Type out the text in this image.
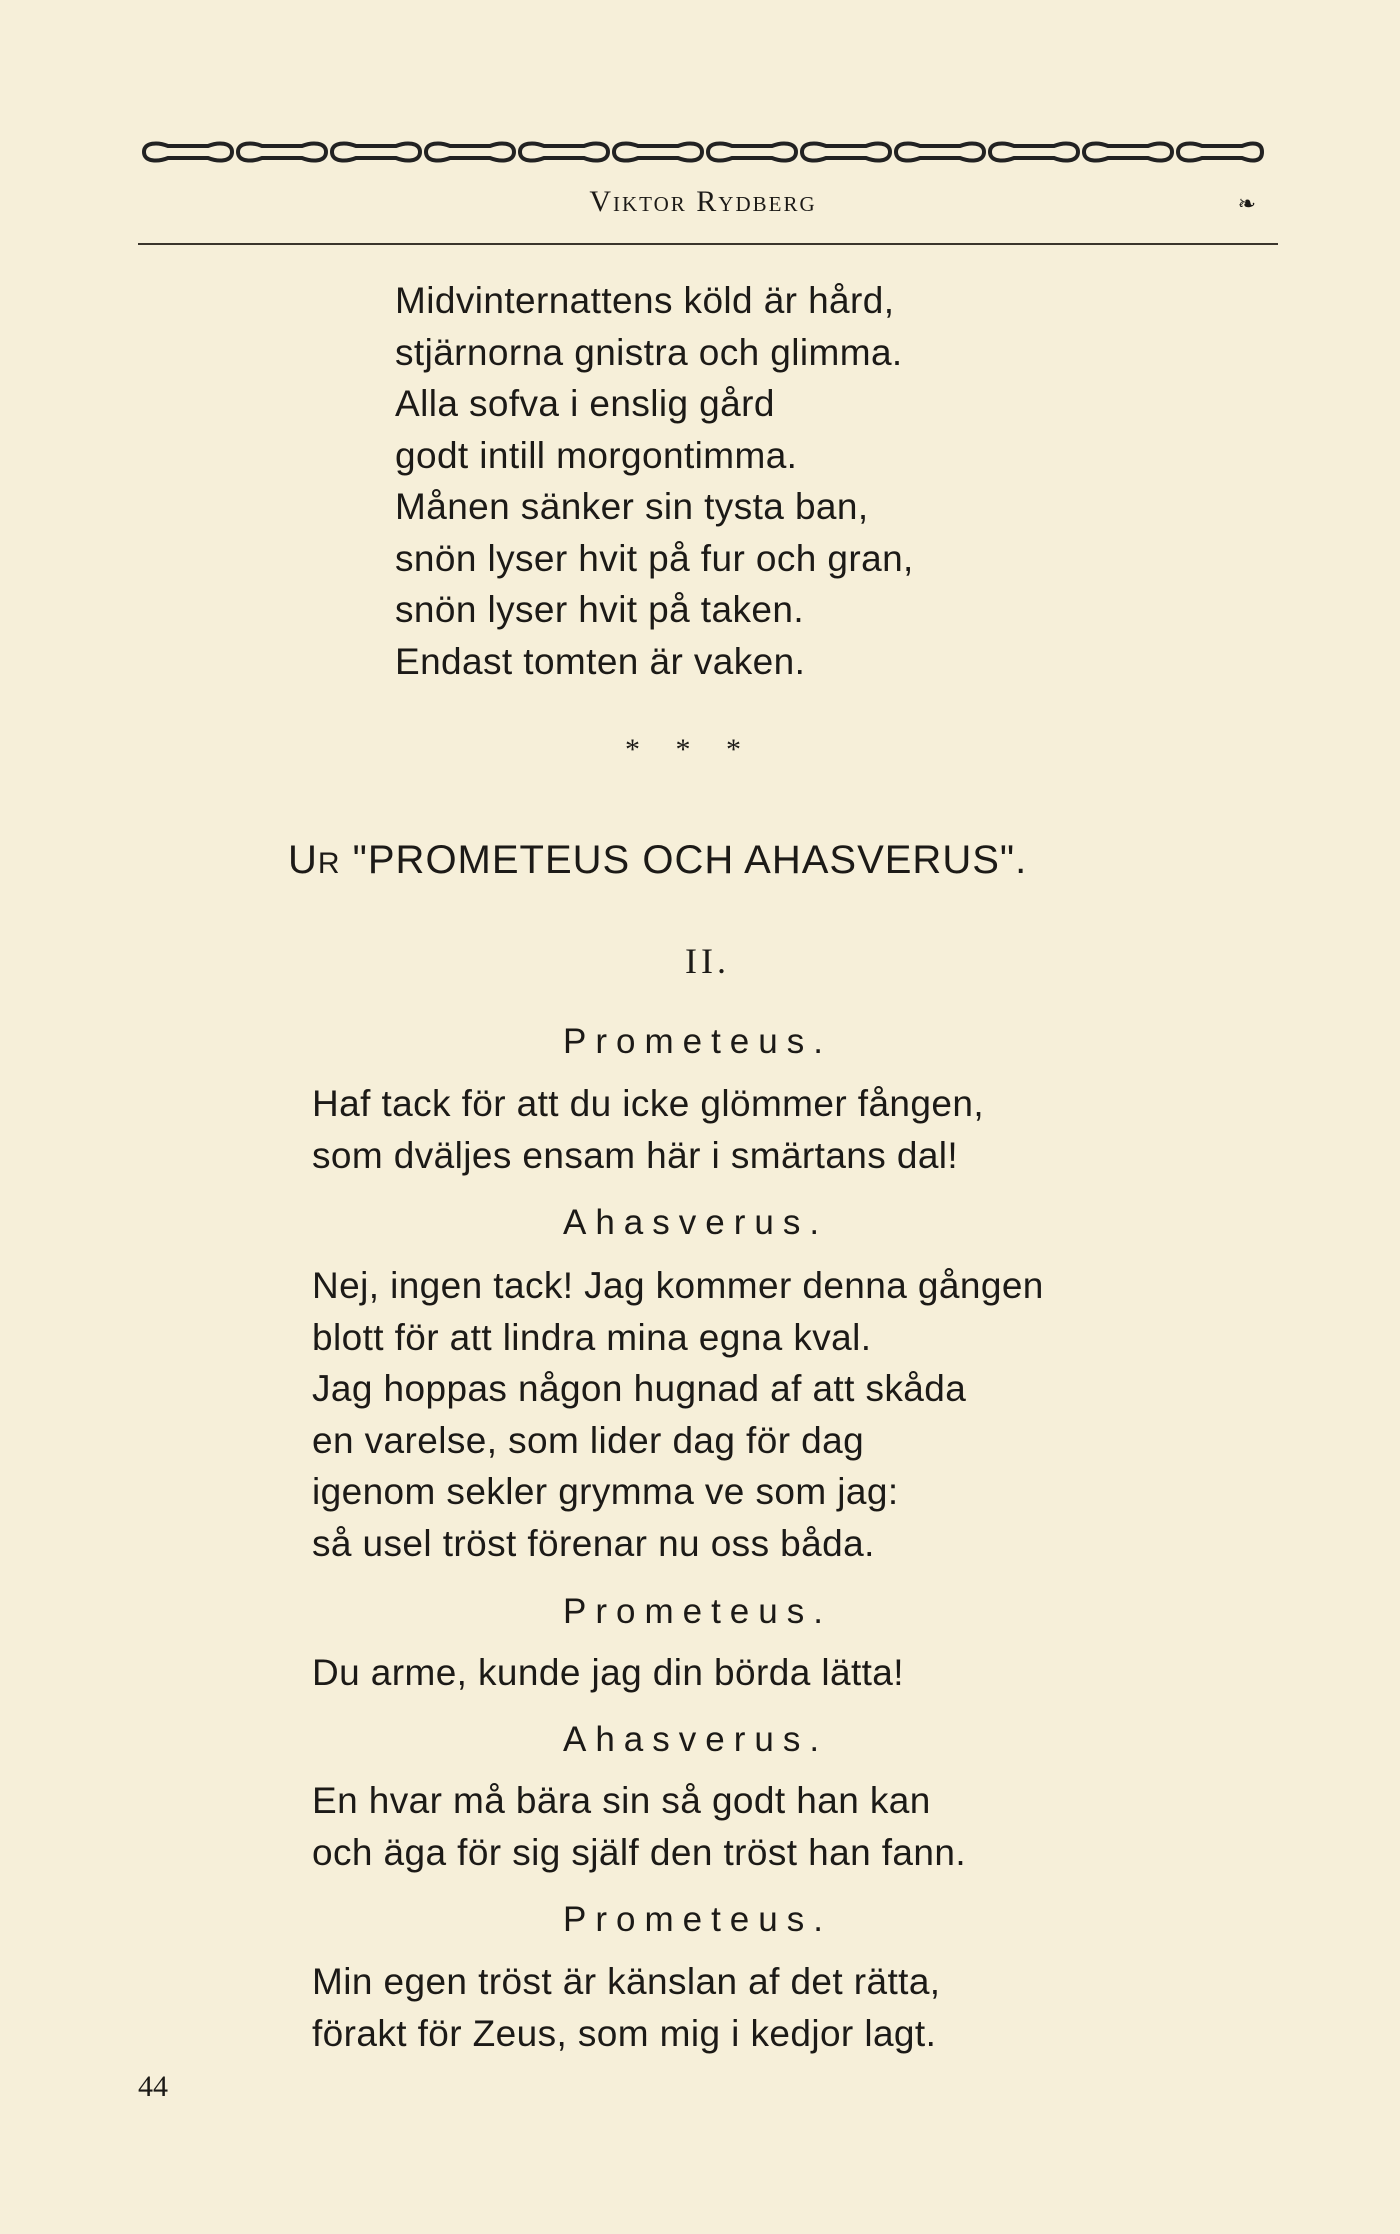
Viktor Rydberg	❧
Midvinternattens köld är hård,
stjärnorna gnistra och glimma.
Alla sofva i enslig gård
godt intill morgontimma.
Månen sänker sin tysta ban,
snön lyser hvit på fur och gran,
snön lyser hvit på taken.
Endast tomten är vaken.
* * *
UR "PROMETEUS OCH AHASVERUS".
II.
Prometeus.
Haf tack för att du icke glömmer fången,
som dväljes ensam här i smärtans dal!
Ahasverus.
Nej, ingen tack! Jag kommer denna gången
blott för att lindra mina egna kval.
Jag hoppas någon hugnad af att skåda
en varelse, som lider dag för dag
igenom sekler grymma ve som jag:
så usel tröst förenar nu oss båda.
Prometeus.
Du arme, kunde jag din börda lätta!
Ahasverus.
En hvar må bära sin så godt han kan
och äga för sig själf den tröst han fann.
Prometeus.
Min egen tröst är känslan af det rätta,
förakt för Zeus, som mig i kedjor lagt.
44
